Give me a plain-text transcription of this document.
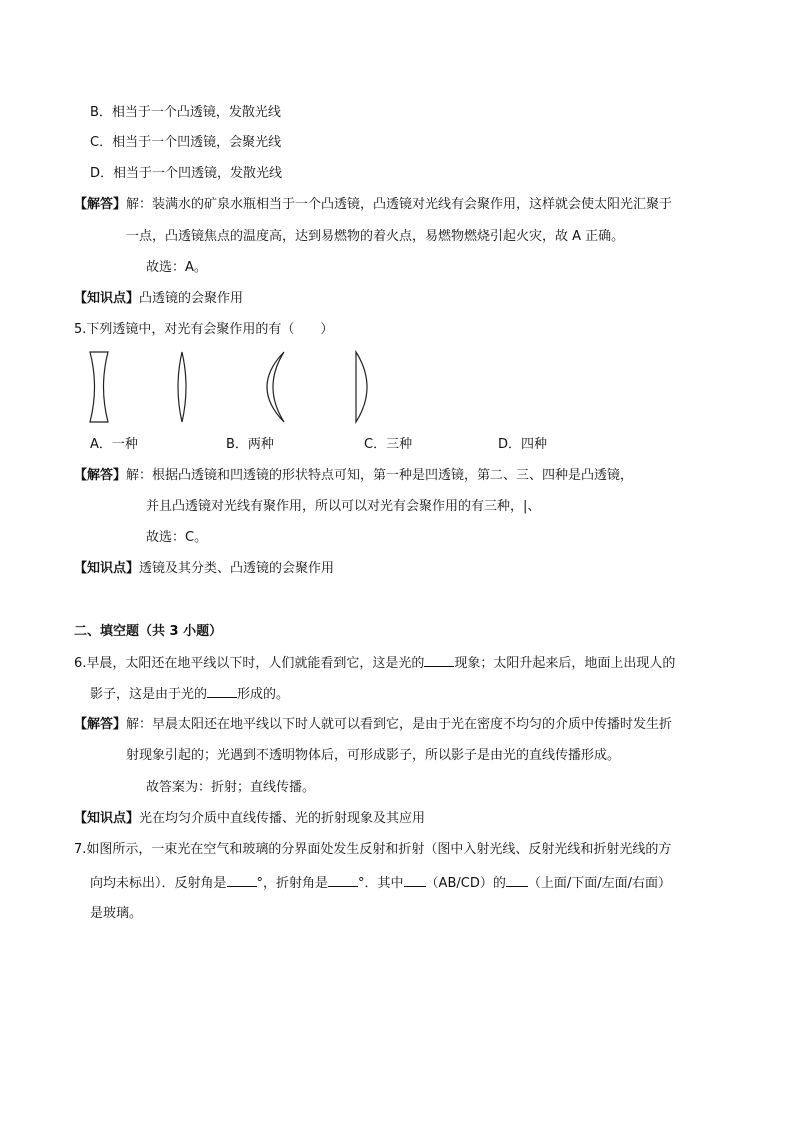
B．相当于一个凸透镜，发散光线
C．相当于一个凹透镜，会聚光线
D．相当于一个凹透镜，发散光线
【解答】解：装满水的矿泉水瓶相当于一个凸透镜，凸透镜对光线有会聚作用，这样就会使太阳光汇聚于
一点，凸透镜焦点的温度高，达到易燃物的着火点，易燃物燃烧引起火灾，故 A 正确。
故选：A。
【知识点】凸透镜的会聚作用
5.下列透镜中，对光有会聚作用的有（　　）
A．一种	B．两种	C．三种	D．四种
【解答】解：根据凸透镜和凹透镜的形状特点可知，第一种是凹透镜，第二、三、四种是凸透镜，
并且凸透镜对光线有聚作用，所以可以对光有会聚作用的有三种，|、
故选：C。
【知识点】透镜及其分类、凸透镜的会聚作用
二、填空题（共 3 小题）
6.早晨，太阳还在地平线以下时，人们就能看到它，这是光的 现象；太阳升起来后，地面上出现人的
影子，这是由于光的 形成的。
【解答】解：早晨太阳还在地平线以下时人就可以看到它，是由于光在密度不均匀的介质中传播时发生折
射现象引起的；光遇到不透明物体后，可形成影子，所以影子是由光的直线传播形成。
故答案为：折射；直线传播。
【知识点】光在均匀介质中直线传播、光的折射现象及其应用
7.如图所示，一束光在空气和玻璃的分界面处发生反射和折射（图中入射光线、反射光线和折射光线的方
向均未标出）．反射角是 °，折射角是 °．其中 （AB/CD）的 （上面/下面/左面/右面）
是玻璃。
